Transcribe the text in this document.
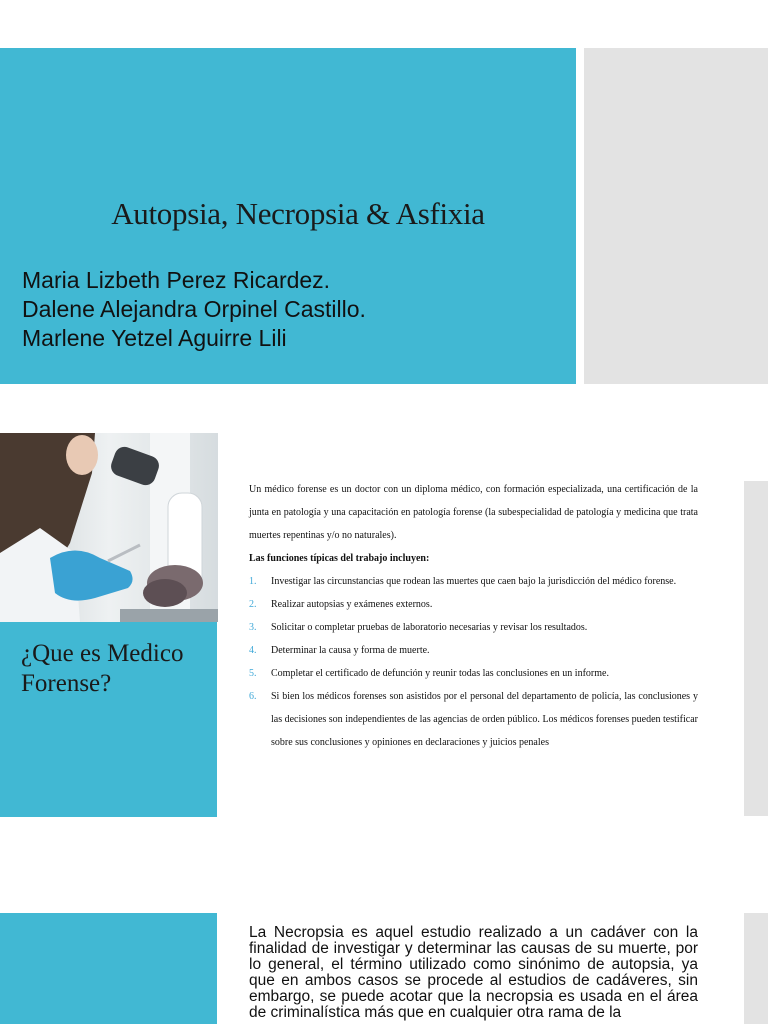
Autopsia, Necropsia & Asfixia
Maria Lizbeth Perez Ricardez.
Dalene Alejandra Orpinel Castillo.
Marlene Yetzel Aguirre Lili
¿Que es Medico Forense?

Un médico forense es un doctor con un diploma médico, con formación especializada, una certificación de la junta en patología y una capacitación en patología forense (la subespecialidad de patología y medicina que trata muertes repentinas y/o no naturales).

Las funciones típicas del trabajo incluyen:

1. Investigar las circunstancias que rodean las muertes que caen bajo la jurisdicción del médico forense.
2. Realizar autopsias y exámenes externos.
3. Solicitar o completar pruebas de laboratorio necesarias y revisar los resultados.
4. Determinar la causa y forma de muerte.
5. Completar el certificado de defunción y reunir todas las conclusiones en un informe.
6. Si bien los médicos forenses son asistidos por el personal del departamento de policía, las conclusiones y las decisiones son independientes de las agencias de orden público. Los médicos forenses pueden testificar sobre sus conclusiones y opiniones en declaraciones y juicios penales

La Necropsia es aquel estudio realizado a un cadáver con la finalidad de investigar y determinar las causas de su muerte, por lo general, el término utilizado como sinónimo de autopsia, ya que en ambos casos se procede al estudios de cadáveres, sin embargo, se puede acotar que la necropsia es usada en el área de criminalística más que en cualquier otra rama de la
